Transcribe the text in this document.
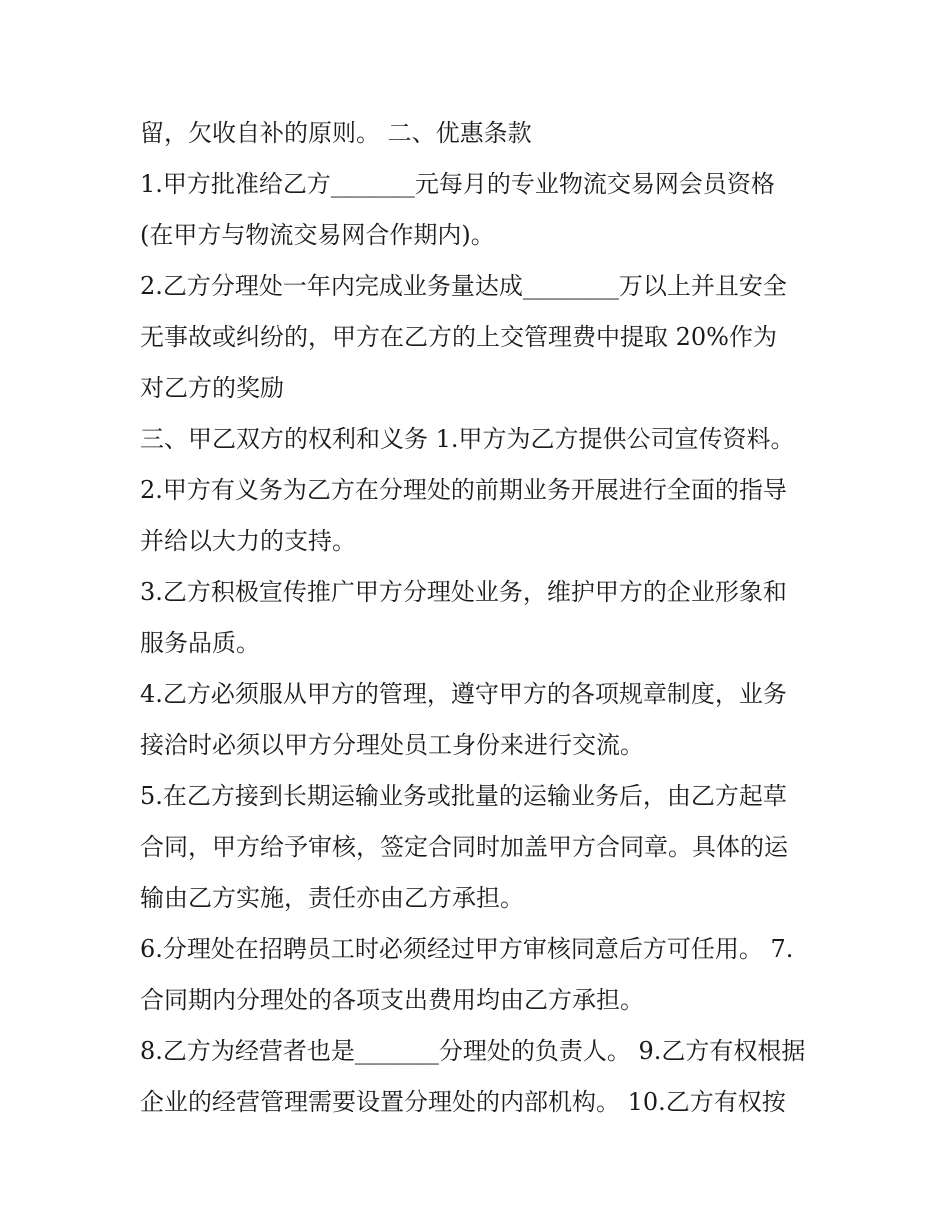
留，欠收自补的原则。 二、优惠条款
1.甲方批准给乙方_______元每月的专业物流交易网会员资格
(在甲方与物流交易网合作期内)。
2.乙方分理处一年内完成业务量达成________万以上并且安全
无事故或纠纷的，甲方在乙方的上交管理费中提取 20%作为
对乙方的奖励
三、甲乙双方的权利和义务 1.甲方为乙方提供公司宣传资料。
2.甲方有义务为乙方在分理处的前期业务开展进行全面的指导
并给以大力的支持。
3.乙方积极宣传推广甲方分理处业务，维护甲方的企业形象和
服务品质。
4.乙方必须服从甲方的管理，遵守甲方的各项规章制度，业务
接洽时必须以甲方分理处员工身份来进行交流。
5.在乙方接到长期运输业务或批量的运输业务后，由乙方起草
合同，甲方给予审核，签定合同时加盖甲方合同章。具体的运
输由乙方实施，责任亦由乙方承担。
6.分理处在招聘员工时必须经过甲方审核同意后方可任用。 7.
合同期内分理处的各项支出费用均由乙方承担。
8.乙方为经营者也是_______分理处的负责人。 9.乙方有权根据
企业的经营管理需要设置分理处的内部机构。 10.乙方有权按
